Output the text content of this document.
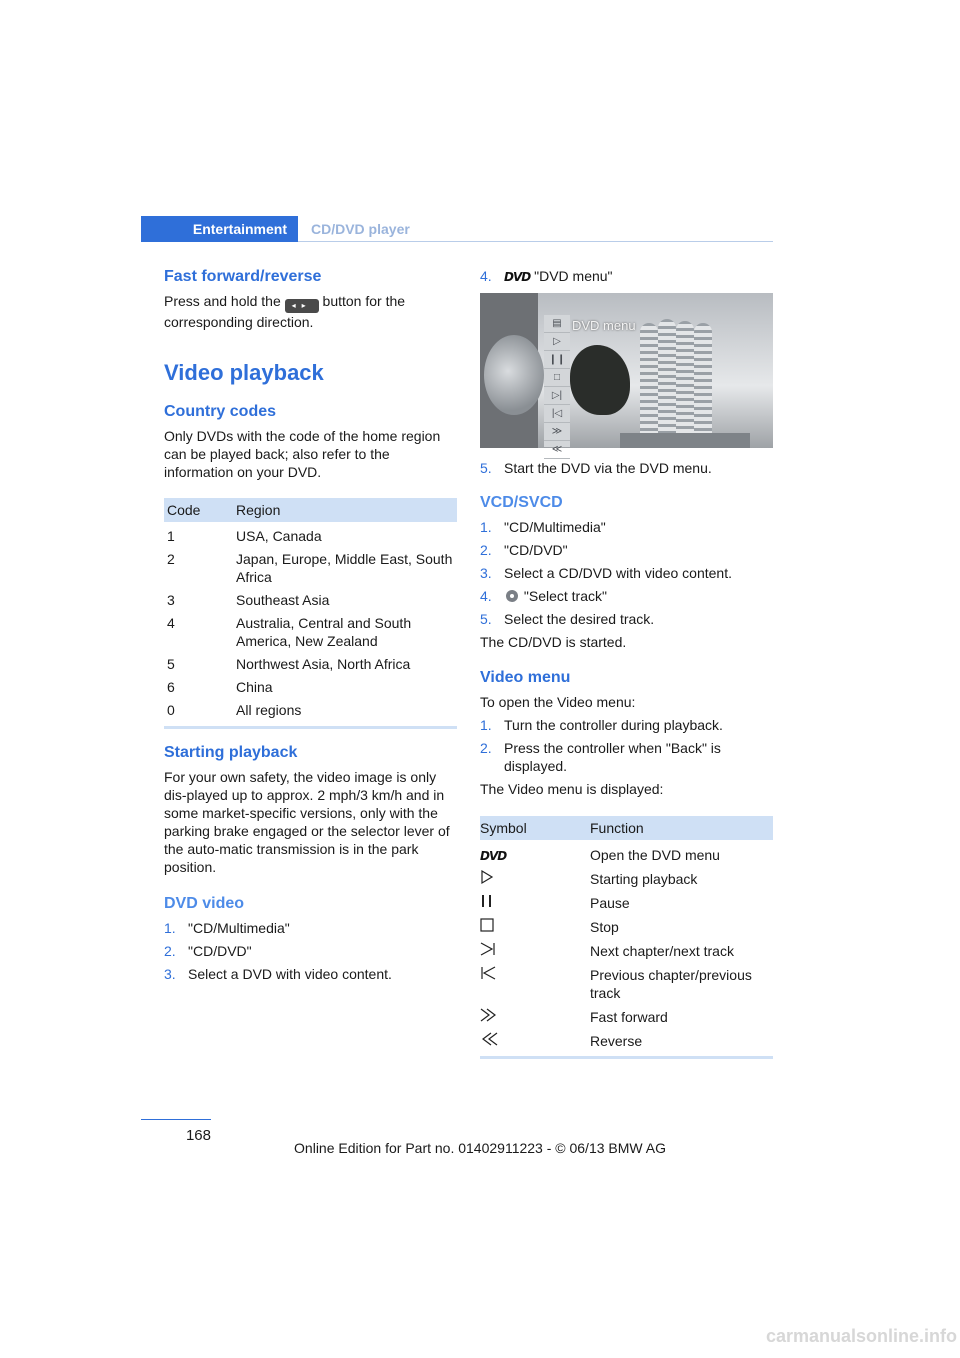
Entertainment	CD/DVD player
Fast forward/reverse

Press and hold the ◂▸ button for the corresponding direction.

Video playback
Country codes

Only DVDs with the code of the home region can be played back; also refer to the information on your DVD.

Code	Region
1	USA, Canada
2	Japan, Europe, Middle East, South Africa
3	Southeast Asia
4	Australia, Central and South America, New Zealand
5	Northwest Asia, North Africa
6	China
0	All regions
Starting playback

For your own safety, the video image is only dis-played up to approx. 2 mph/3 km/h and in some market-specific versions, only with the parking brake engaged or the selector lever of the auto-matic transmission is in the park position.

DVD video
1. "CD/Multimedia"
2. "CD/DVD"
3. Select a DVD with video content.
4. DVD "DVD menu"
▤
▷
❙❙
□
▷|
|◁
≫
≪
DVD menu
5. Start the DVD via the DVD menu.
VCD/SVCD
1. "CD/Multimedia"
2. "CD/DVD"
3. Select a CD/DVD with video content.
4. "Select track"
5. Select the desired track.

The CD/DVD is started.

Video menu

To open the Video menu:

1. Turn the controller during playback.
2. Press the controller when "Back" is displayed.

The Video menu is displayed:

Symbol	Function
DVD	Open the DVD menu
	Starting playback
	Pause
	Stop
	Next chapter/next track
	Previous chapter/previous track
	Fast forward
	Reverse
168
Online Edition for Part no. 01402911223 - © 06/13 BMW AG
carmanualsonline.info
